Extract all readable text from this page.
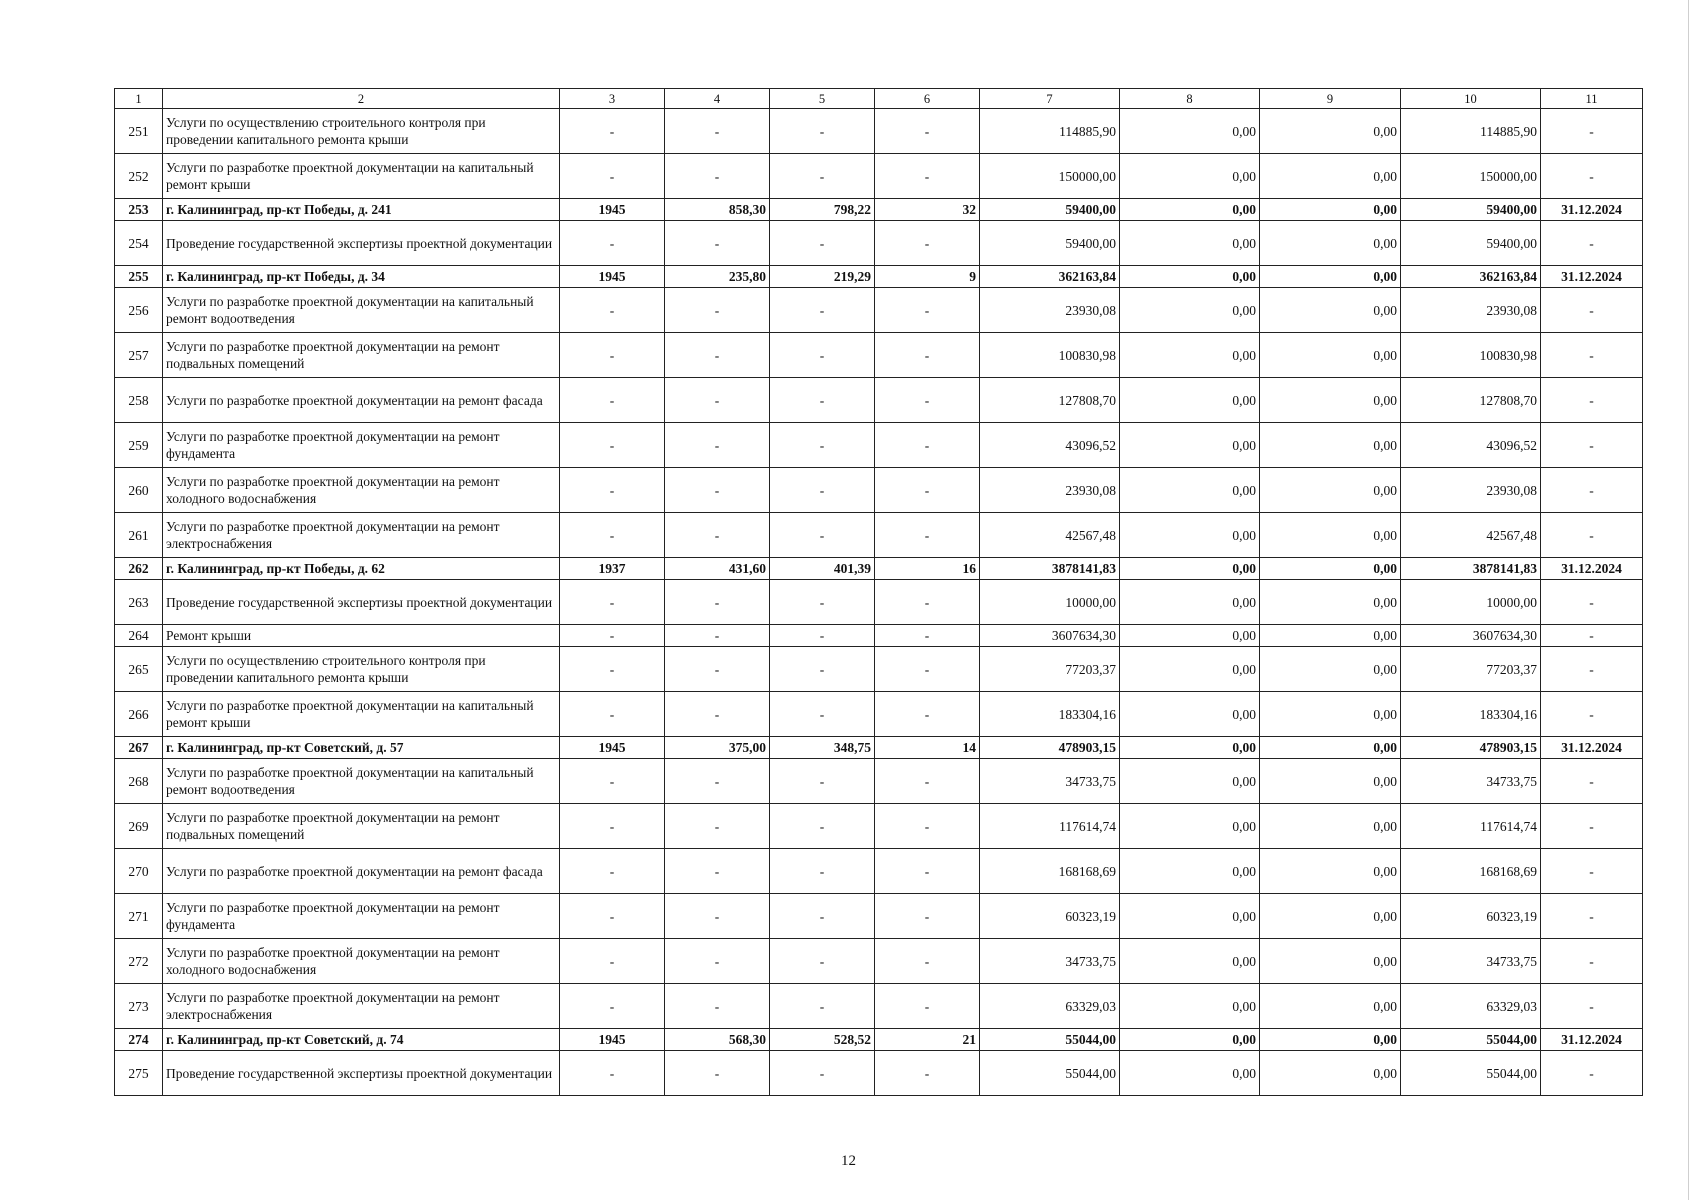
1	2	3	4	5	6	7	8	9	10	11
251	Услуги по осуществлению строительного контроля при проведении капитального ремонта крыши	-	-	-	-	114885,90	0,00	0,00	114885,90	-
252	Услуги по разработке проектной документации на капитальный ремонт крыши	-	-	-	-	150000,00	0,00	0,00	150000,00	-
253	г. Калининград, пр-кт Победы, д. 241	1945	858,30	798,22	32	59400,00	0,00	0,00	59400,00	31.12.2024
254	Проведение государственной экспертизы проектной документации	-	-	-	-	59400,00	0,00	0,00	59400,00	-
255	г. Калининград, пр-кт Победы, д. 34	1945	235,80	219,29	9	362163,84	0,00	0,00	362163,84	31.12.2024
256	Услуги по разработке проектной документации на капитальный ремонт водоотведения	-	-	-	-	23930,08	0,00	0,00	23930,08	-
257	Услуги по разработке проектной документации на ремонт подвальных помещений	-	-	-	-	100830,98	0,00	0,00	100830,98	-
258	Услуги по разработке проектной документации на ремонт фасада	-	-	-	-	127808,70	0,00	0,00	127808,70	-
259	Услуги по разработке проектной документации на ремонт фундамента	-	-	-	-	43096,52	0,00	0,00	43096,52	-
260	Услуги по разработке проектной документации на ремонт холодного водоснабжения	-	-	-	-	23930,08	0,00	0,00	23930,08	-
261	Услуги по разработке проектной документации на ремонт электроснабжения	-	-	-	-	42567,48	0,00	0,00	42567,48	-
262	г. Калининград, пр-кт Победы, д. 62	1937	431,60	401,39	16	3878141,83	0,00	0,00	3878141,83	31.12.2024
263	Проведение государственной экспертизы проектной документации	-	-	-	-	10000,00	0,00	0,00	10000,00	-
264	Ремонт крыши	-	-	-	-	3607634,30	0,00	0,00	3607634,30	-
265	Услуги по осуществлению строительного контроля при проведении капитального ремонта крыши	-	-	-	-	77203,37	0,00	0,00	77203,37	-
266	Услуги по разработке проектной документации на капитальный ремонт крыши	-	-	-	-	183304,16	0,00	0,00	183304,16	-
267	г. Калининград, пр-кт Советский, д. 57	1945	375,00	348,75	14	478903,15	0,00	0,00	478903,15	31.12.2024
268	Услуги по разработке проектной документации на капитальный ремонт водоотведения	-	-	-	-	34733,75	0,00	0,00	34733,75	-
269	Услуги по разработке проектной документации на ремонт подвальных помещений	-	-	-	-	117614,74	0,00	0,00	117614,74	-
270	Услуги по разработке проектной документации на ремонт фасада	-	-	-	-	168168,69	0,00	0,00	168168,69	-
271	Услуги по разработке проектной документации на ремонт фундамента	-	-	-	-	60323,19	0,00	0,00	60323,19	-
272	Услуги по разработке проектной документации на ремонт холодного водоснабжения	-	-	-	-	34733,75	0,00	0,00	34733,75	-
273	Услуги по разработке проектной документации на ремонт электроснабжения	-	-	-	-	63329,03	0,00	0,00	63329,03	-
274	г. Калининград, пр-кт Советский, д. 74	1945	568,30	528,52	21	55044,00	0,00	0,00	55044,00	31.12.2024
275	Проведение государственной экспертизы проектной документации	-	-	-	-	55044,00	0,00	0,00	55044,00	-
12
